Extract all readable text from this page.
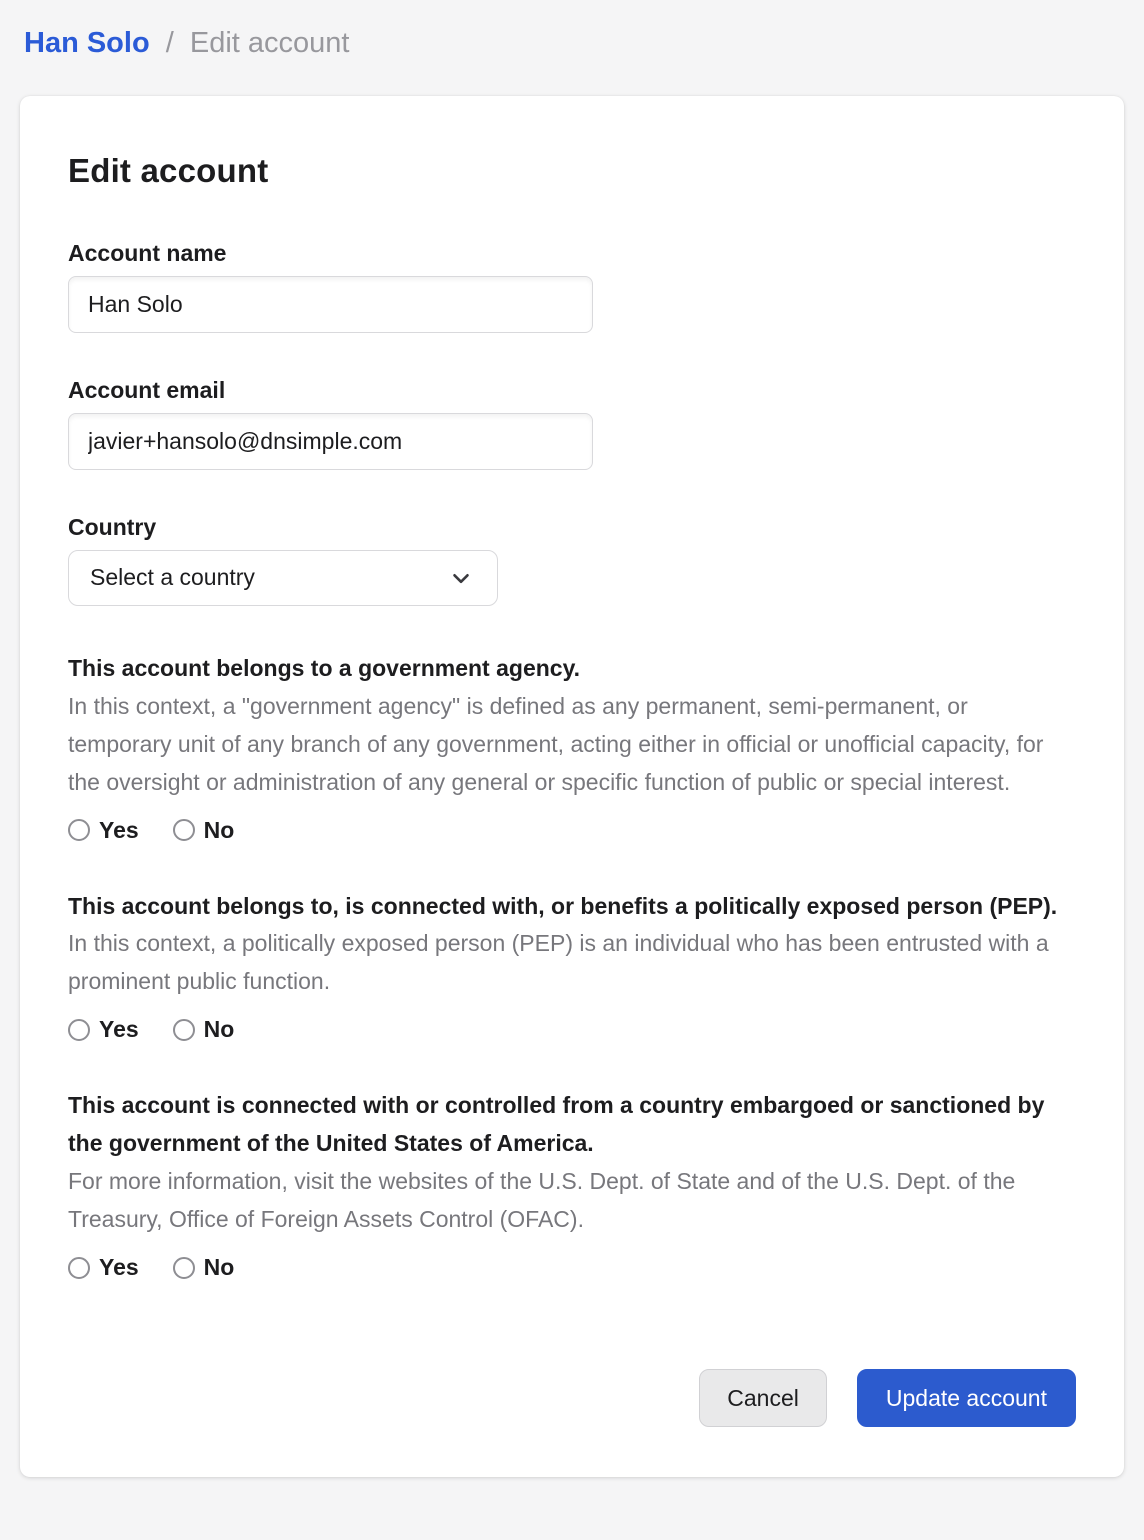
Han Solo / Edit account
Edit account
Account name
Han Solo
Account email
javier+hansolo@dnsimple.com
Country
Select a country
This account belongs to a government agency.
In this context, a "government agency" is defined as any permanent, semi-permanent, or temporary unit of any branch of any government, acting either in official or unofficial capacity, for the oversight or administration of any general or specific function of public or special interest.
Yes	No
This account belongs to, is connected with, or benefits a politically exposed person (PEP).
In this context, a politically exposed person (PEP) is an individual who has been entrusted with a prominent public function.
Yes	No
This account is connected with or controlled from a country embargoed or sanctioned by the government of the United States of America.
For more information, visit the websites of the U.S. Dept. of State and of the U.S. Dept. of the Treasury, Office of Foreign Assets Control (OFAC).
Yes	No
Cancel	Update account
